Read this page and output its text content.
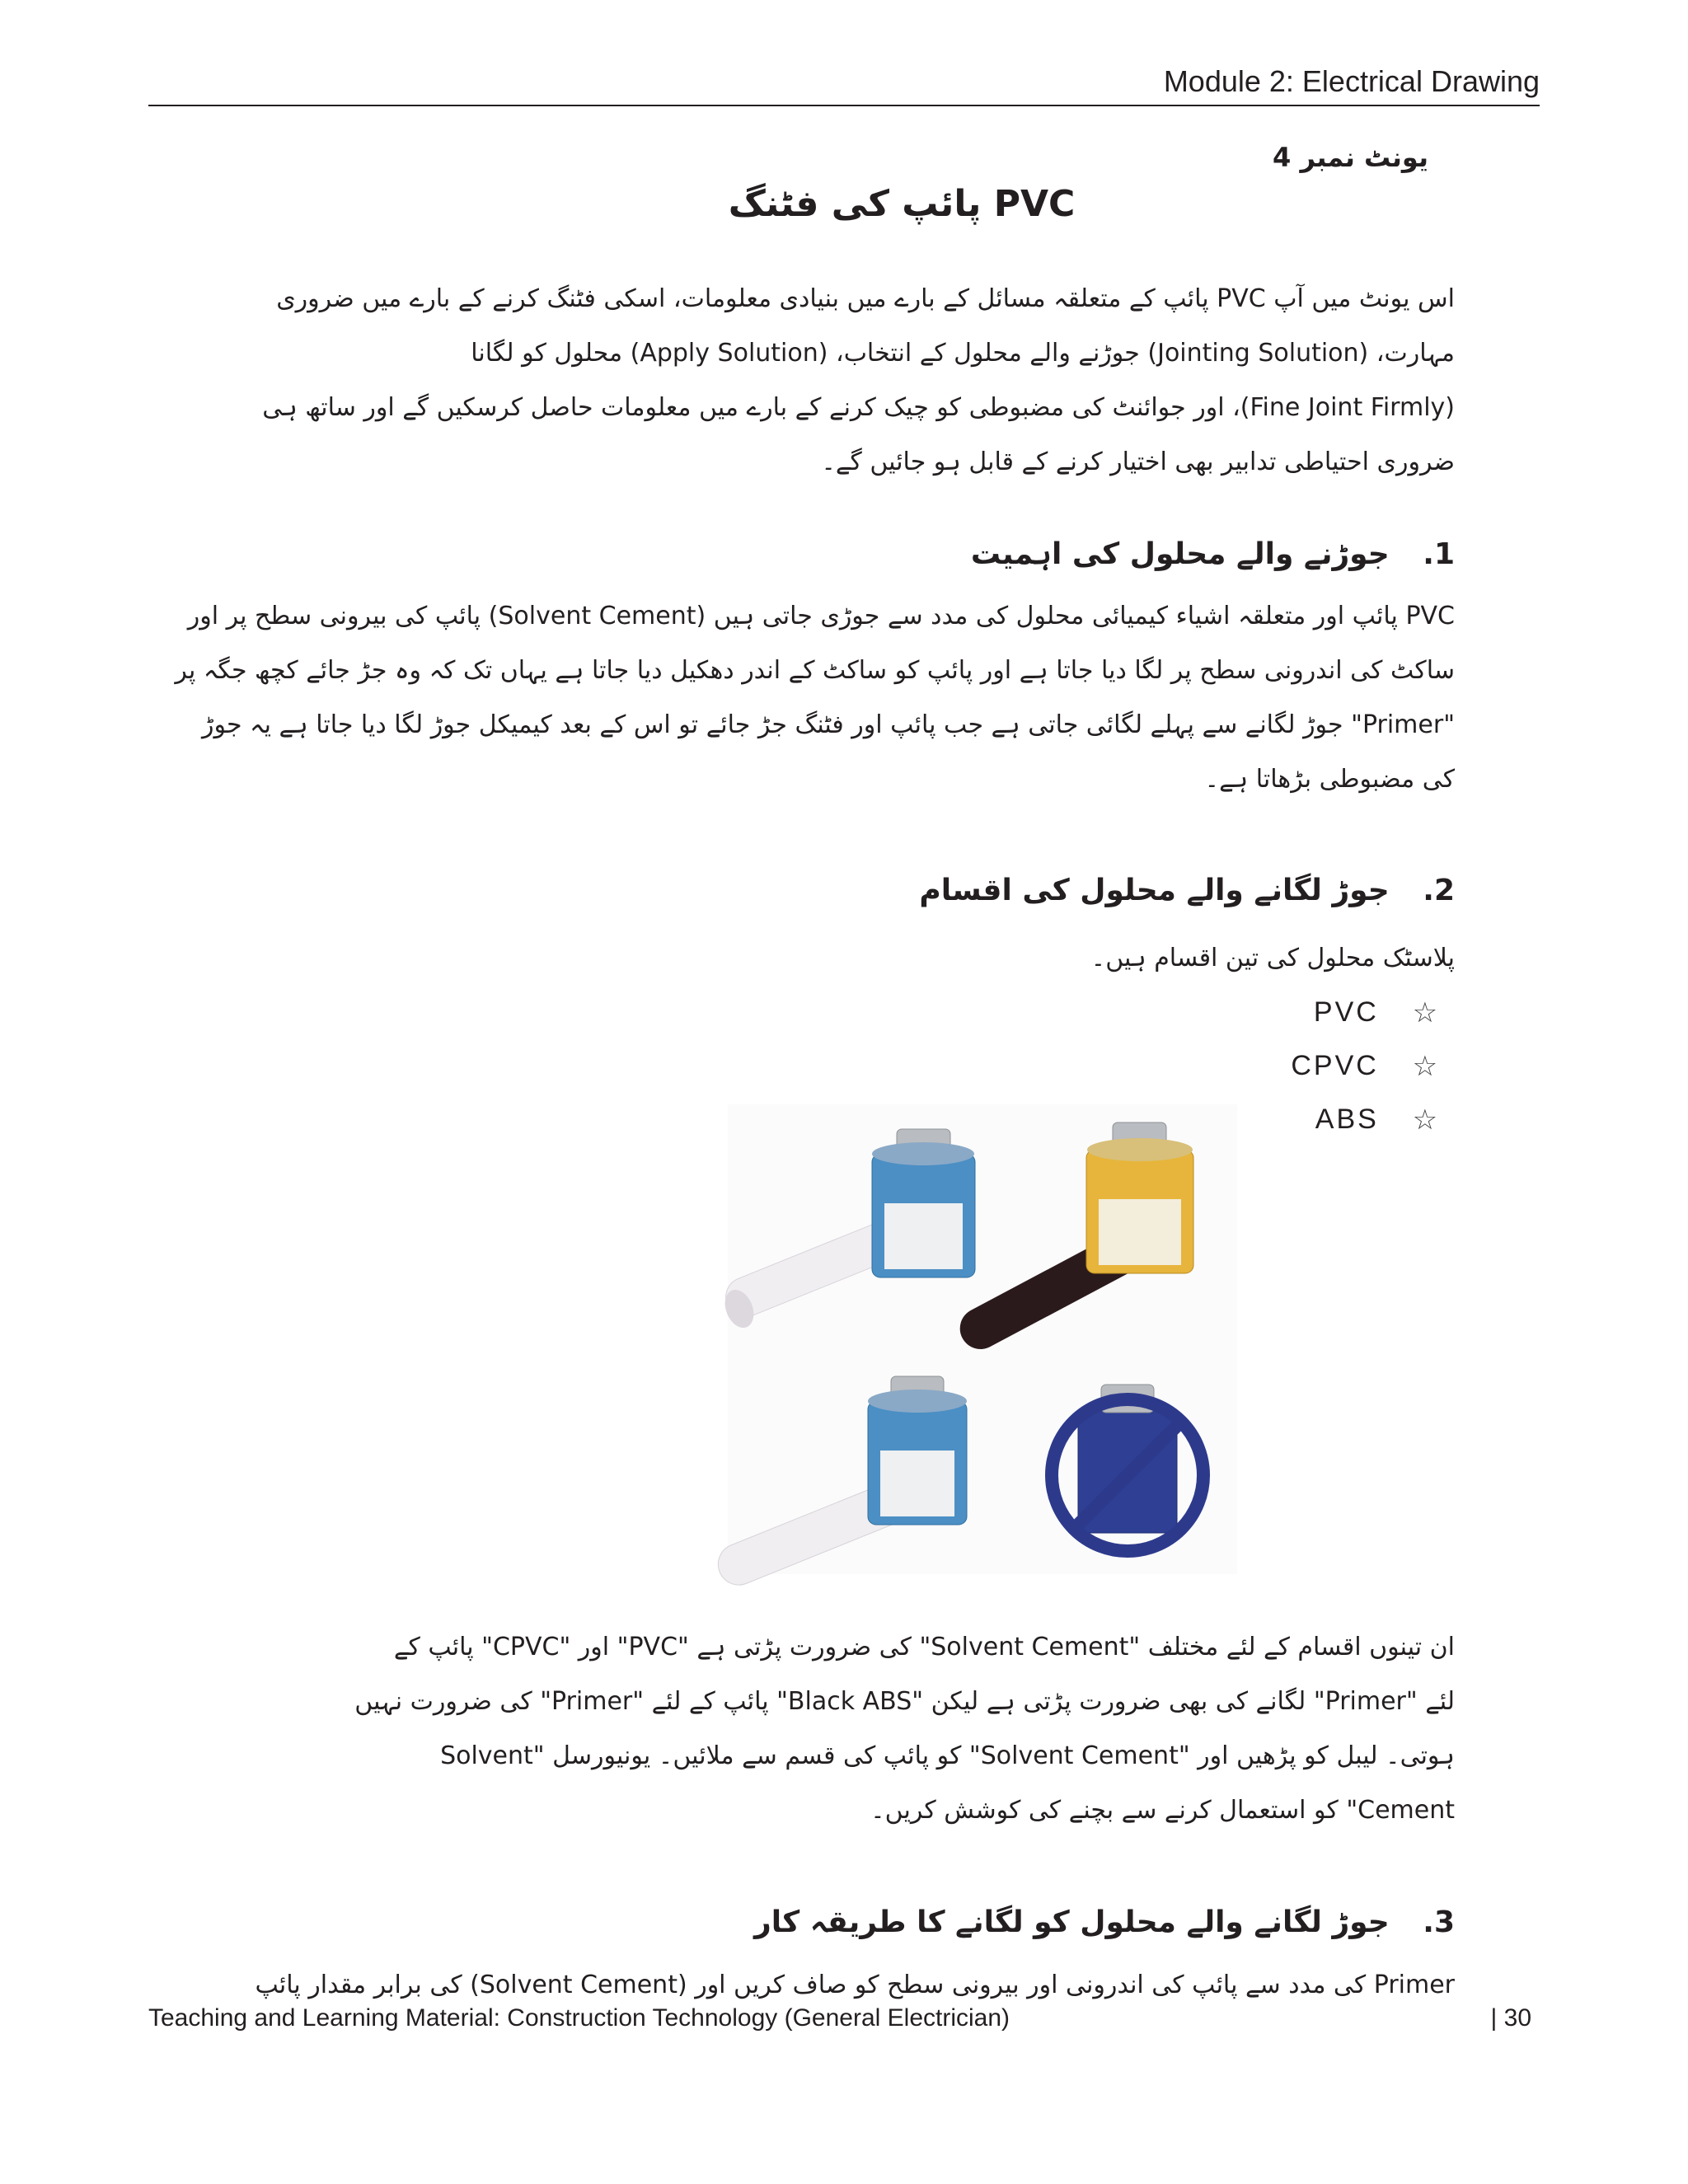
Module 2: Electrical Drawing
یونٹ نمبر 4
PVC پائپ کی فٹنگ
اس یونٹ میں آپ PVC پائپ کے متعلقہ مسائل کے بارے میں بنیادی معلومات، اسکی فٹنگ کرنے کے بارے میں ضروری
مہارت، (Jointing Solution) جوڑنے والے محلول کے انتخاب، (Apply Solution) محلول کو لگانا
(Fine Joint Firmly)، اور جوائنٹ کی مضبوطی کو چیک کرنے کے بارے میں معلومات حاصل کرسکیں گے اور ساتھ ہی
ضروری احتیاطی تدابیر بھی اختیار کرنے کے قابل ہو جائیں گے۔
1. جوڑنے والے محلول کی اہمیت
PVC پائپ اور متعلقہ اشیاء کیمیائی محلول کی مدد سے جوڑی جاتی ہیں (Solvent Cement) پائپ کی بیرونی سطح پر اور
ساکٹ کی اندرونی سطح پر لگا دیا جاتا ہے اور پائپ کو ساکٹ کے اندر دھکیل دیا جاتا ہے یہاں تک کہ وہ جڑ جائے کچھ جگہ پر
"Primer" جوڑ لگانے سے پہلے لگائی جاتی ہے جب پائپ اور فٹنگ جڑ جائے تو اس کے بعد کیمیکل جوڑ لگا دیا جاتا ہے یہ جوڑ
کی مضبوطی بڑھاتا ہے۔
2. جوڑ لگانے والے محلول کی اقسام
پلاسٹک محلول کی تین اقسام ہیں۔
☆
PVC
☆
CPVC
☆
ABS
ان تینوں اقسام کے لئے مختلف "Solvent Cement" کی ضرورت پڑتی ہے "PVC" اور "CPVC" پائپ کے
لئے "Primer" لگانے کی بھی ضرورت پڑتی ہے لیکن "Black ABS" پائپ کے لئے "Primer" کی ضرورت نہیں
ہوتی۔ لیبل کو پڑھیں اور "Solvent Cement" کو پائپ کی قسم سے ملائیں۔ یونیورسل "Solvent
Cement" کو استعمال کرنے سے بچنے کی کوشش کریں۔
3. جوڑ لگانے والے محلول کو لگانے کا طریقہ کار
Primer کی مدد سے پائپ کی اندرونی اور بیرونی سطح کو صاف کریں اور (Solvent Cement) کی برابر مقدار پائپ
Teaching and Learning Material: Construction Technology (General Electrician)	| 30
